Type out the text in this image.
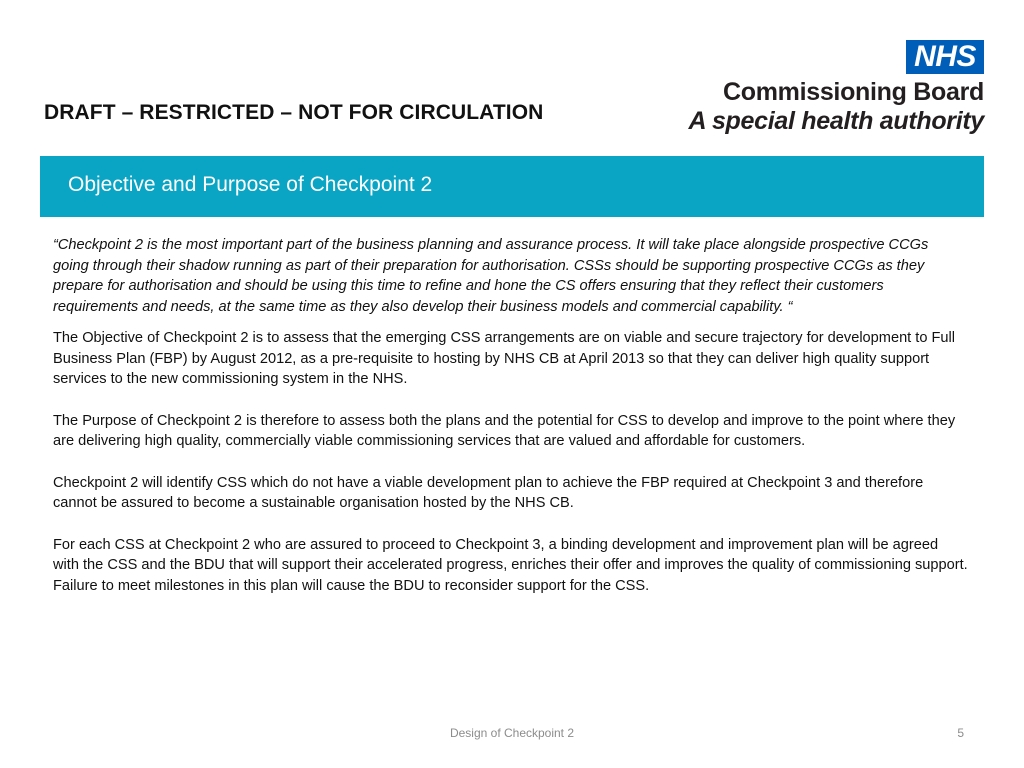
DRAFT – RESTRICTED – NOT FOR CIRCULATION
NHS
Commissioning Board
A special health authority
Objective and Purpose of Checkpoint 2

“Checkpoint 2 is the most important part of the business planning and assurance process. It will take place alongside prospective CCGs going through their shadow running as part of their preparation for authorisation. CSSs should be supporting prospective CCGs as they prepare for authorisation and should be using this time to refine and hone the CS offers ensuring that they reflect their customers requirements and needs, at the same time as they also develop their business models and commercial capability. “

The Objective of Checkpoint 2 is to assess that the emerging CSS arrangements are on viable and secure trajectory for development to Full Business Plan (FBP) by August 2012, as a pre-requisite to hosting by NHS CB at April 2013 so that they can deliver high quality support services to the new commissioning system in the NHS.

The Purpose of Checkpoint 2 is therefore to assess both the plans and the potential for CSS to develop and improve to the point where they are delivering high quality, commercially viable commissioning services that are valued and affordable for customers.

Checkpoint 2 will identify CSS which do not have a viable development plan to achieve the FBP required at Checkpoint 3 and therefore cannot be assured to become a sustainable organisation hosted by the NHS CB.

For each CSS at Checkpoint 2 who are assured to proceed to Checkpoint 3, a binding development and improvement plan will be agreed with the CSS and the BDU that will support their accelerated progress, enriches their offer and improves the quality of commissioning support. Failure to meet milestones in this plan will cause the BDU to reconsider support for the CSS.

Design of Checkpoint 2	5
